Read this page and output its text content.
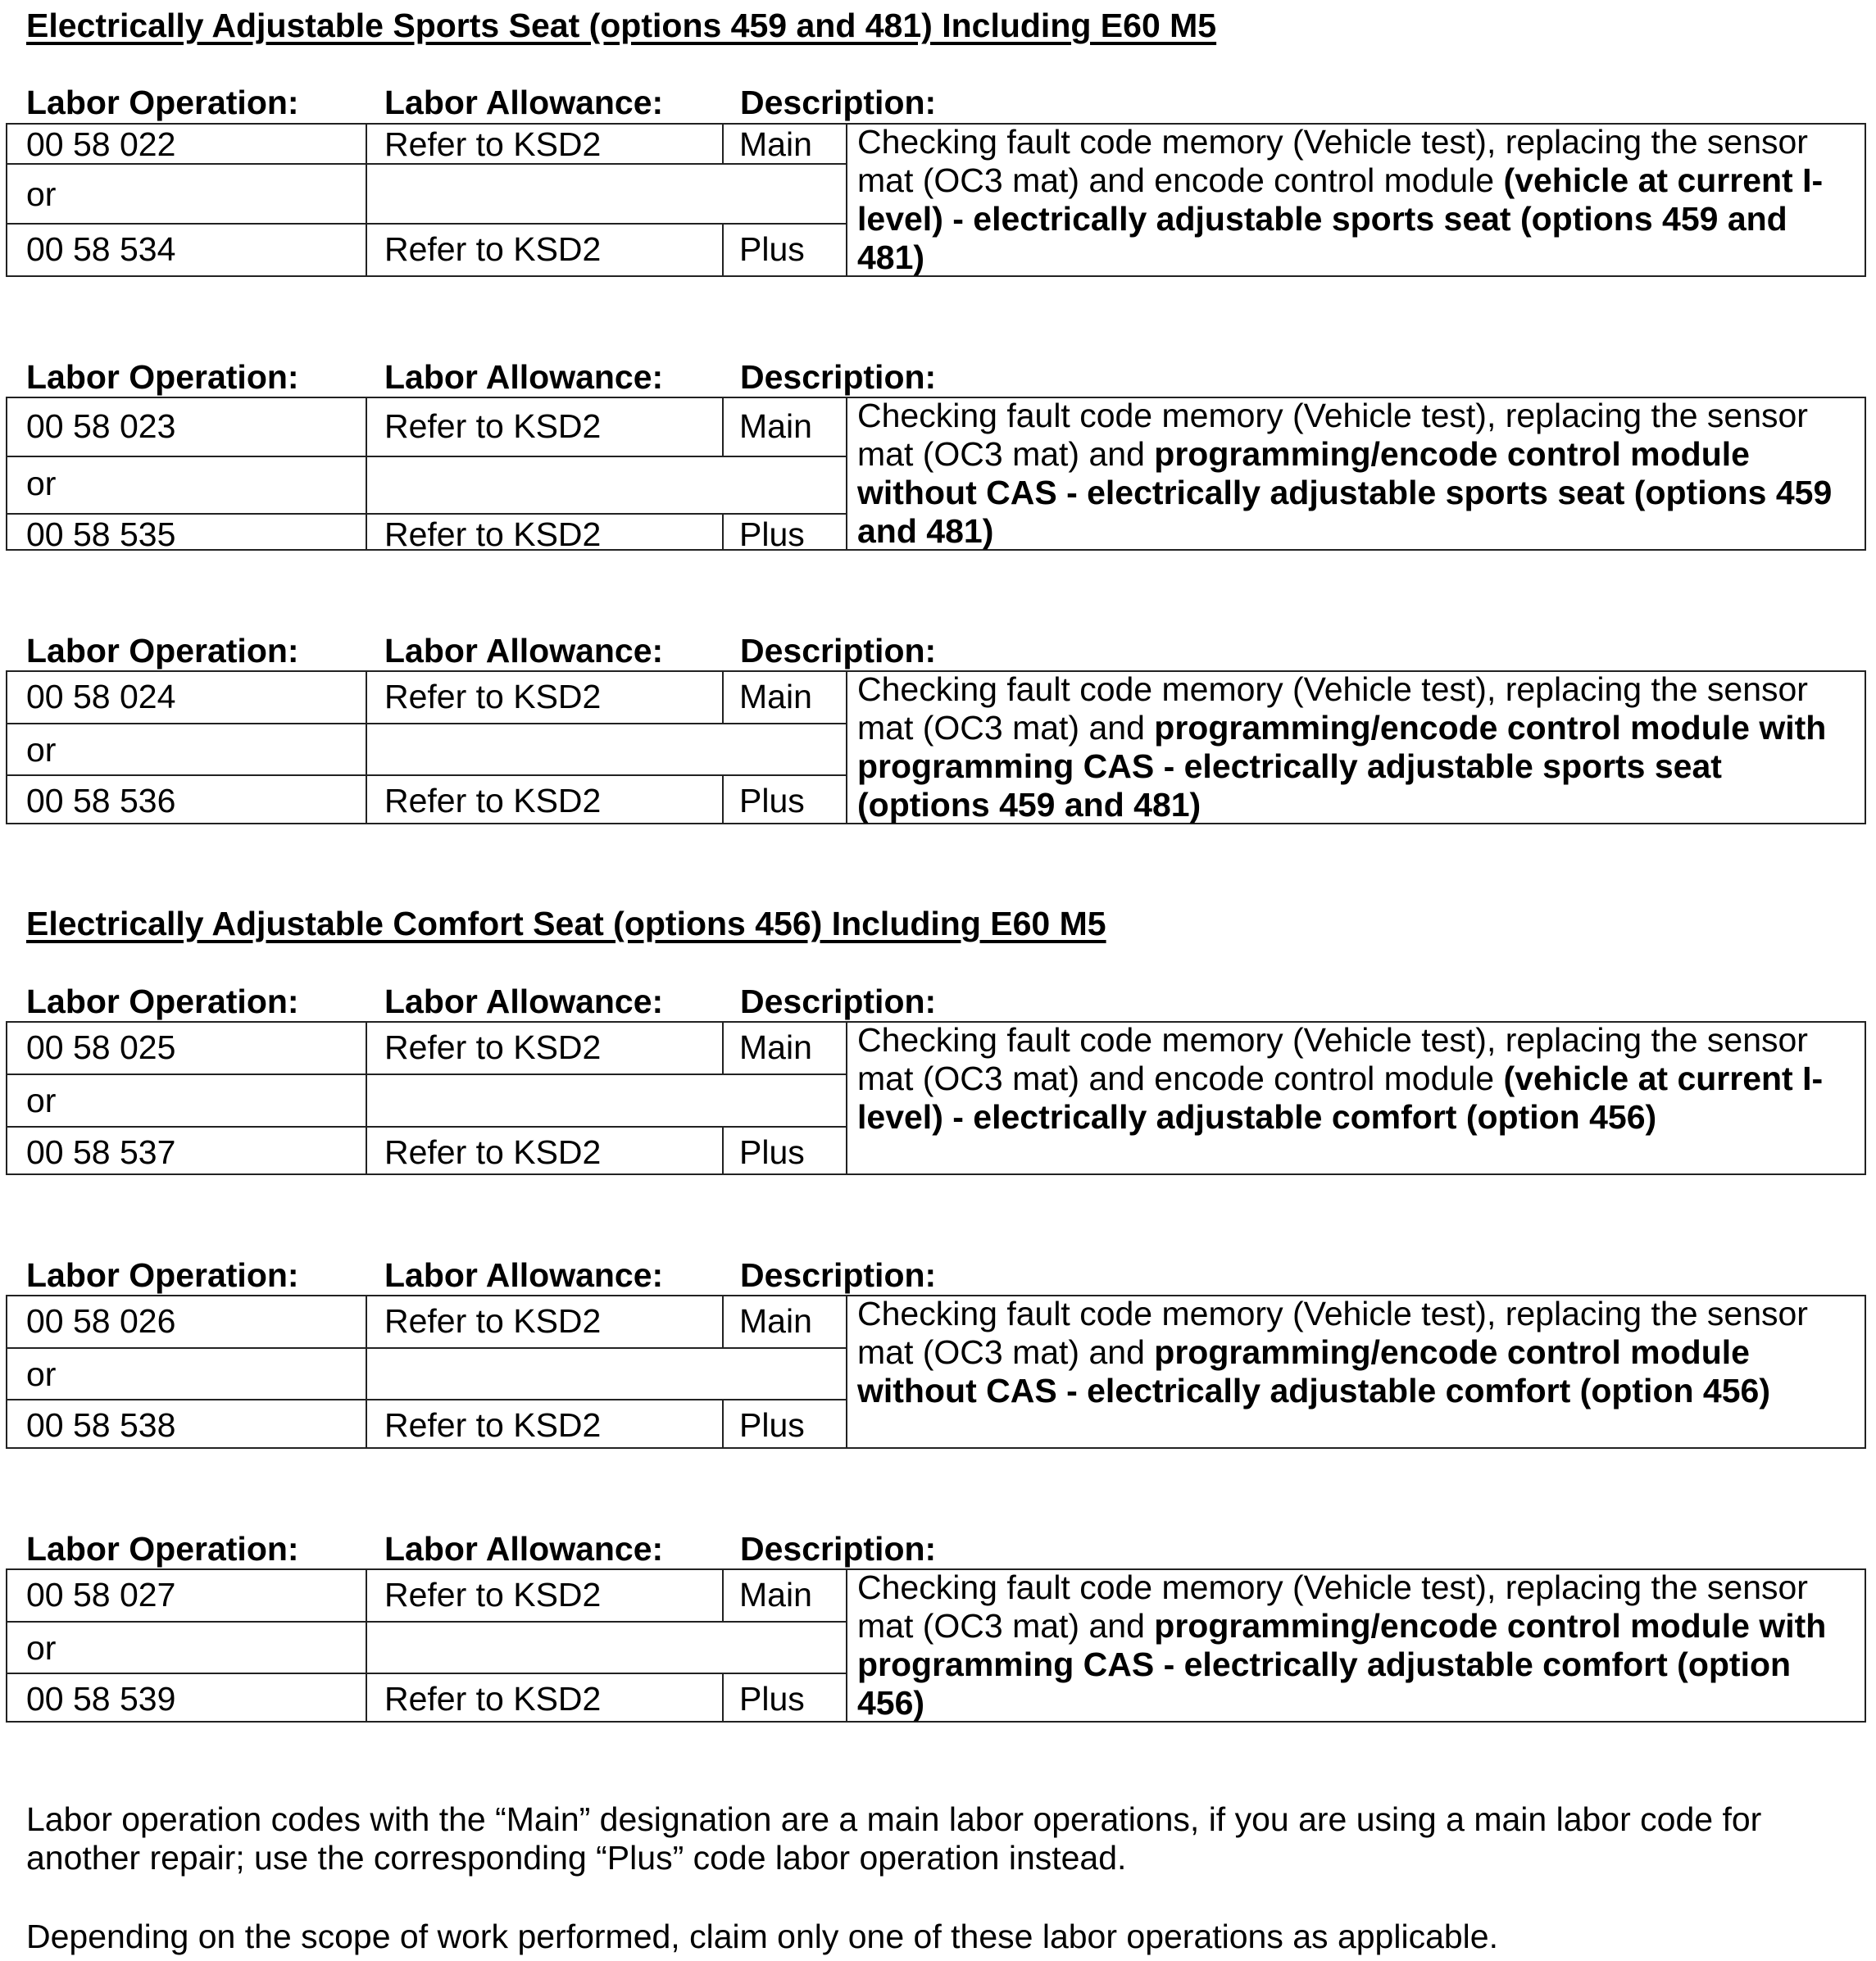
Electrically Adjustable Sports Seat (options 459 and 481) Including E60 M5
Labor Operation:	Labor Allowance: Description:
00 58 022	Refer to KSD2	Main
or
00 58 534	Refer to KSD2	Plus
Checking fault code memory (Vehicle test), replacing the sensor mat (OC3 mat) and encode control module (vehicle at current I-level) - electrically adjustable sports seat (options 459 and 481)
Labor Operation:	Labor Allowance: Description:
00 58 023	Refer to KSD2	Main
or
00 58 535	Refer to KSD2	Plus
Checking fault code memory (Vehicle test), replacing the sensor mat (OC3 mat) and programming/encode control module without CAS - electrically adjustable sports seat (options 459 and 481)
Labor Operation:	Labor Allowance: Description:
00 58 024	Refer to KSD2	Main
or
00 58 536	Refer to KSD2	Plus
Checking fault code memory (Vehicle test), replacing the sensor mat (OC3 mat) and programming/encode control module with programming CAS - electrically adjustable sports seat (options 459 and 481)
Electrically Adjustable Comfort Seat (options 456) Including E60 M5
Labor Operation:	Labor Allowance: Description:
00 58 025	Refer to KSD2	Main
or
00 58 537	Refer to KSD2	Plus
Checking fault code memory (Vehicle test), replacing the sensor mat (OC3 mat) and encode control module (vehicle at current I-level) - electrically adjustable comfort (option 456)
Labor Operation:	Labor Allowance: Description:
00 58 026	Refer to KSD2	Main
or
00 58 538	Refer to KSD2	Plus
Checking fault code memory (Vehicle test), replacing the sensor mat (OC3 mat) and programming/encode control module without CAS - electrically adjustable comfort (option 456)
Labor Operation:	Labor Allowance: Description:
00 58 027	Refer to KSD2	Main
or
00 58 539	Refer to KSD2	Plus
Checking fault code memory (Vehicle test), replacing the sensor mat (OC3 mat) and programming/encode control module with programming CAS - electrically adjustable comfort (option 456)
Labor operation codes with the “Main” designation are a main labor operations, if you are using a main labor code for another repair; use the corresponding “Plus” code labor operation instead.
Depending on the scope of work performed, claim only one of these labor operations as applicable.
